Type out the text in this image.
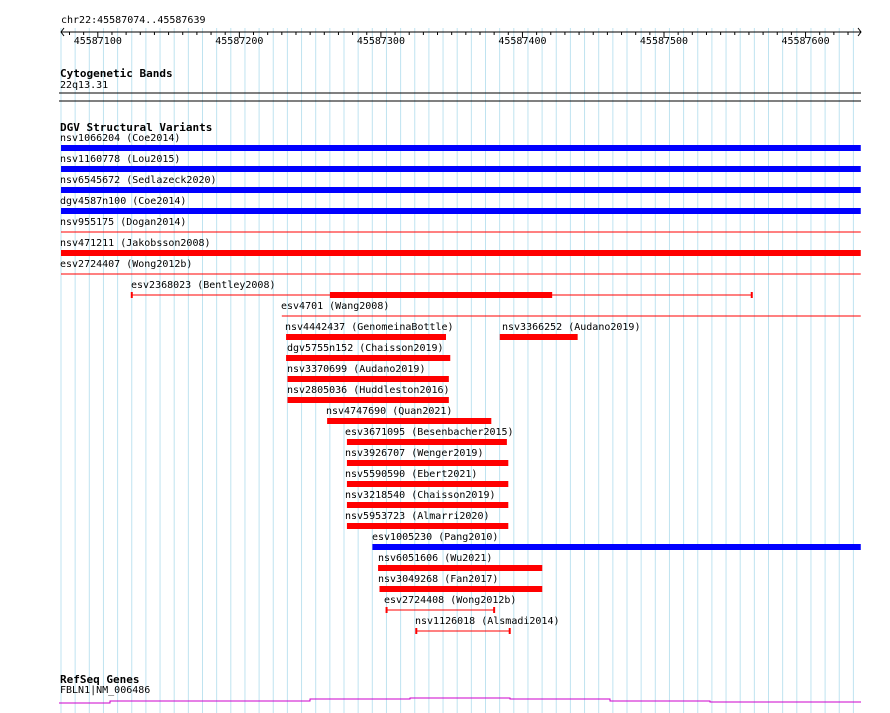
chr22:45587074..45587639
45587100	45587200	45587300	45587400	45587500	45587600
Cytogenetic Bands
22q13.31
DGV Structural Variants
nsv1066204 (Coe2014)
nsv1160778 (Lou2015)
nsv6545672 (Sedlazeck2020)
dgv4587n100 (Coe2014)
nsv955175 (Dogan2014)
nsv471211 (Jakobsson2008)
esv2724407 (Wong2012b)
esv2368023 (Bentley2008)
esv4701 (Wang2008)
nsv4442437 (GenomeinaBottle)	nsv3366252 (Audano2019)
dgv5755n152 (Chaisson2019)
nsv3370699 (Audano2019)
nsv2805036 (Huddleston2016)
nsv4747690 (Quan2021)
esv3671095 (Besenbacher2015)
nsv3926707 (Wenger2019)
nsv5590590 (Ebert2021)
nsv3218540 (Chaisson2019)
nsv5953723 (Almarri2020)
esv1005230 (Pang2010)
nsv6051606 (Wu2021)
nsv3049268 (Fan2017)
esv2724408 (Wong2012b)
nsv1126018 (Alsmadi2014)
RefSeq Genes
FBLN1|NM_006486
